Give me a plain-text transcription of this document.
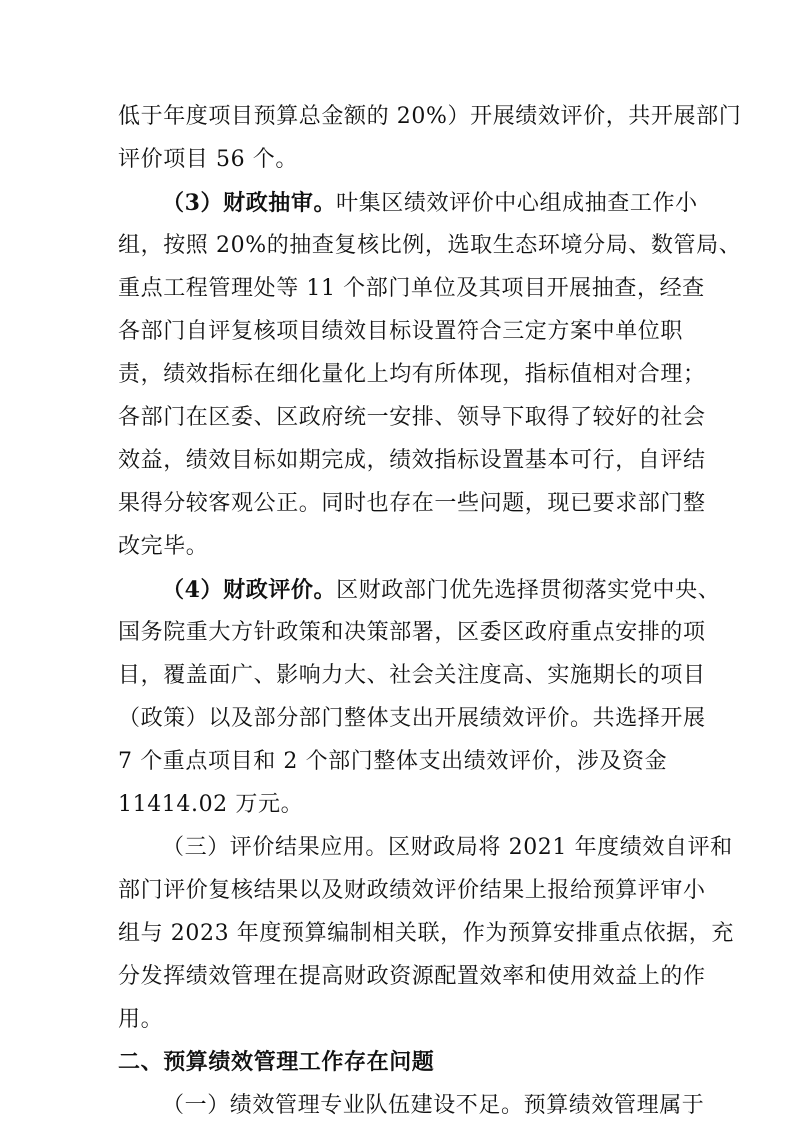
低于年度项目预算总金额的 20%）开展绩效评价，共开展部门
评价项目 56 个。
（3）财政抽审。叶集区绩效评价中心组成抽查工作小
组，按照 20%的抽查复核比例，选取生态环境分局、数管局、
重点工程管理处等 11 个部门单位及其项目开展抽查，经查
各部门自评复核项目绩效目标设置符合三定方案中单位职
责，绩效指标在细化量化上均有所体现，指标值相对合理；
各部门在区委、区政府统一安排、领导下取得了较好的社会
效益，绩效目标如期完成，绩效指标设置基本可行，自评结
果得分较客观公正。同时也存在一些问题，现已要求部门整
改完毕。
（4）财政评价。区财政部门优先选择贯彻落实党中央、
国务院重大方针政策和决策部署，区委区政府重点安排的项
目，覆盖面广、影响力大、社会关注度高、实施期长的项目
（政策）以及部分部门整体支出开展绩效评价。共选择开展
7 个重点项目和 2 个部门整体支出绩效评价，涉及资金
11414.02 万元。
（三）评价结果应用。区财政局将 2021 年度绩效自评和
部门评价复核结果以及财政绩效评价结果上报给预算评审小
组与 2023 年度预算编制相关联，作为预算安排重点依据，充
分发挥绩效管理在提高财政资源配置效率和使用效益上的作
用。
二、预算绩效管理工作存在问题
（一）绩效管理专业队伍建设不足。预算绩效管理属于
